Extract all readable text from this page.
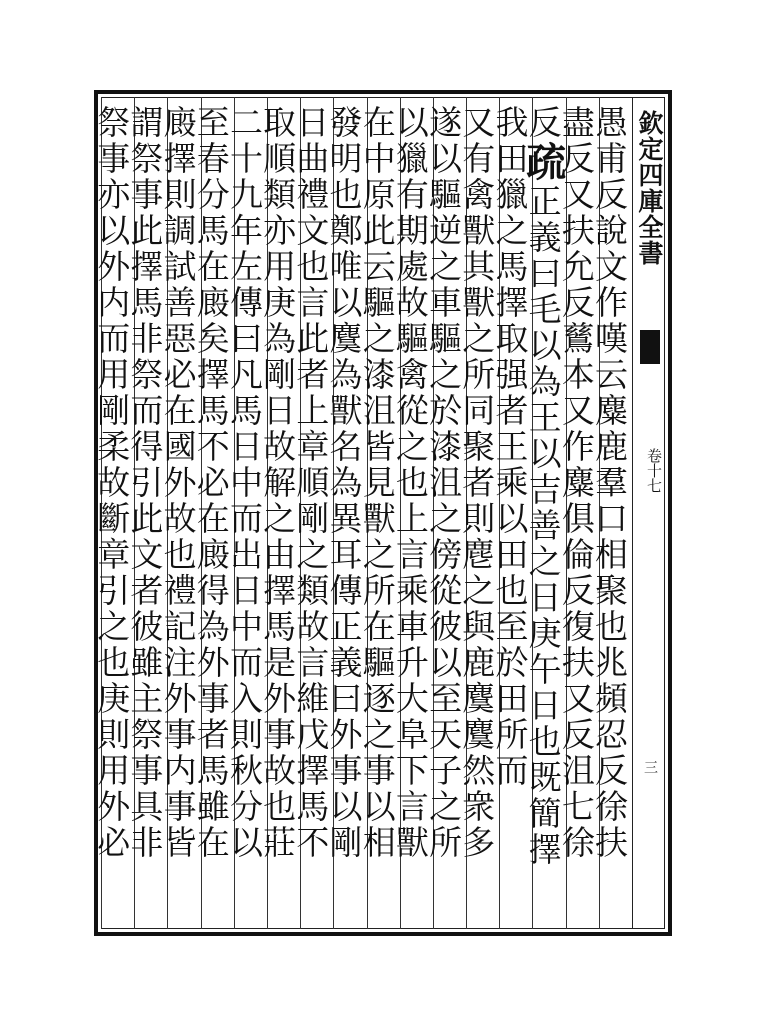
欽定四庫全書
卷十七
三
愚甫反說文作嘆云麋鹿羣口相聚也兆頻忍反徐扶
盡反又扶允反鶿本又作麋俱倫反復扶又反沮七徐
反疏正義曰毛以為王以吉善之日庚午日也既簡擇
我田獵之馬擇取强者王乘以田也至於田所而
又有禽獸其獸之所同聚者則麀之與鹿麌麌然衆多
遂以驅逆之車驅之於漆沮之傍從彼以至天子之所
以獵有期處故驅禽從之也上言乘車升大阜下言獸
在中原此云驅之漆沮皆見獸之所在驅逐之事以相
發明也鄭唯以麌為獸名為異耳傳正義曰外事以剛
日曲禮文也言此者上章順剛之類故言維戊擇馬不
取順類亦用庚為剛日故解之由擇馬是外事故也莊
二十九年左傳曰凡馬日中而出日中而入則秋分以
至春分馬在廄矣擇馬不必在廄得為外事者馬雖在
廄擇則調試善惡必在國外故也禮記注外事内事皆
謂祭事此擇馬非祭而得引此文者彼雖主祭事具非
祭事亦以外内而用剛柔故斷章引之也庚則用外必
